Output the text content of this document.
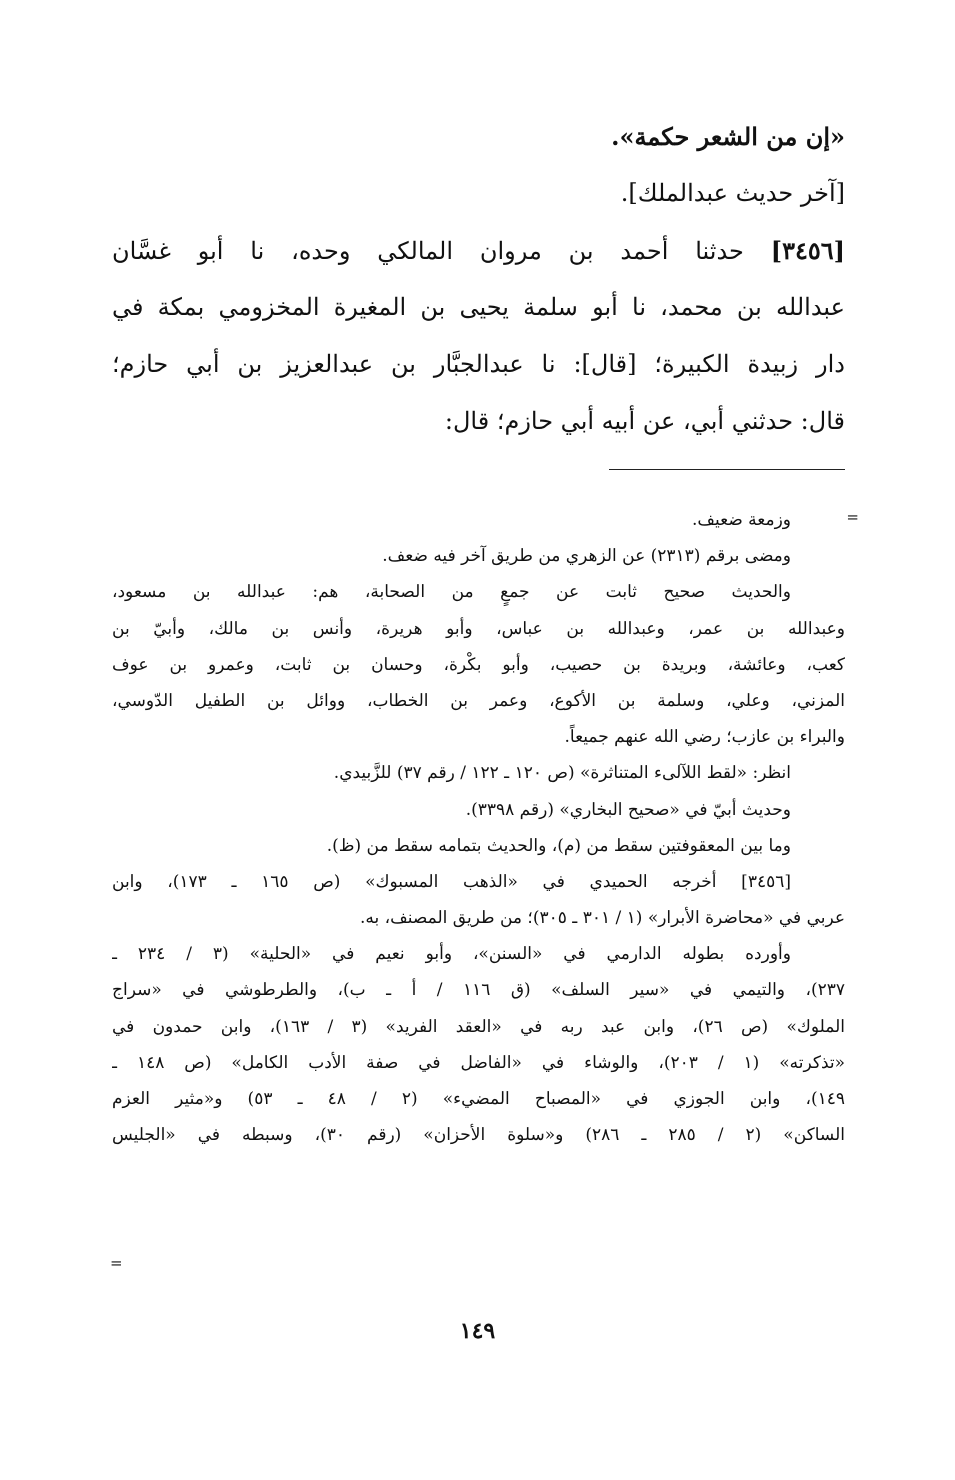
«إن من الشعر حكمة».
[آخر حديث عبدالملك].
[٣٤٥٦] حدثنا أحمد بن مروان المالكي وحده، نا أبو غسَّان
عبدالله بن محمد، نا أبو سلمة يحيى بن المغيرة المخزومي بمكة في
دار زبيدة الكبيرة؛ [قال]: نا عبدالجبَّار بن عبدالعزيز بن أبي حازم؛
قال: حدثني أبي، عن أبيه أبي حازم؛ قال:
=
وزمعة ضعيف.
ومضى برقم (٢٣١٣) عن الزهري من طريق آخر فيه ضعف.
والحديث صحيح ثابت عن جمعٍ من الصحابة، هم: عبدالله بن مسعود،
وعبدالله بن عمر، وعبدالله بن عباس، وأبو هريرة، وأنس بن مالك، وأبيّ بن
كعب، وعائشة، وبريدة بن حصيب، وأبو بكْرة، وحسان بن ثابت، وعمرو بن عوف
المزني، وعلي، وسلمة بن الأكوع، وعمر بن الخطاب، ووائل بن الطفيل الدّوسي،
والبراء بن عازب؛ رضي الله عنهم جميعاً.
انظر: «لقط اللآلىء المتناثرة» (ص ١٢٠ ـ ١٢٢ / رقم ٣٧) للزَّبيدي.
وحديث أبيّ في «صحيح البخاري» (رقم ٣٣٩٨).
وما بين المعقوفتين سقط من (م)، والحديث بتمامه سقط من (ظ).
[٣٤٥٦] أخرجه الحميدي في «الذهب المسبوك» (ص ١٦٥ ـ ١٧٣)، وابن
عربي في «محاضرة الأبرار» (١ / ٣٠١ ـ ٣٠٥)؛ من طريق المصنف، به.
وأورده بطوله الدارمي في «السنن»، وأبو نعيم في «الحلية» (٣ / ٢٣٤ ـ
٢٣٧)، والتيمي في «سير السلف» (ق ١١٦ / أ ـ ب)، والطرطوشي في «سراج
الملوك» (ص ٢٦)، وابن عبد ربه في «العقد الفريد» (٣ / ١٦٣)، وابن حمدون في
«تذكرته» (١ / ٢٠٣)، والوشاء في «الفاضل في صفة الأدب الكامل» (ص ١٤٨ ـ
١٤٩)، وابن الجوزي في «المصباح المضيء» (٢ / ٤٨ ـ ٥٣) و«مثير العزم
الساكن» (٢ / ٢٨٥ ـ ٢٨٦) و«سلوة الأحزان» (رقم ٣٠)، وسبطه في «الجليس
=
١٤٩
